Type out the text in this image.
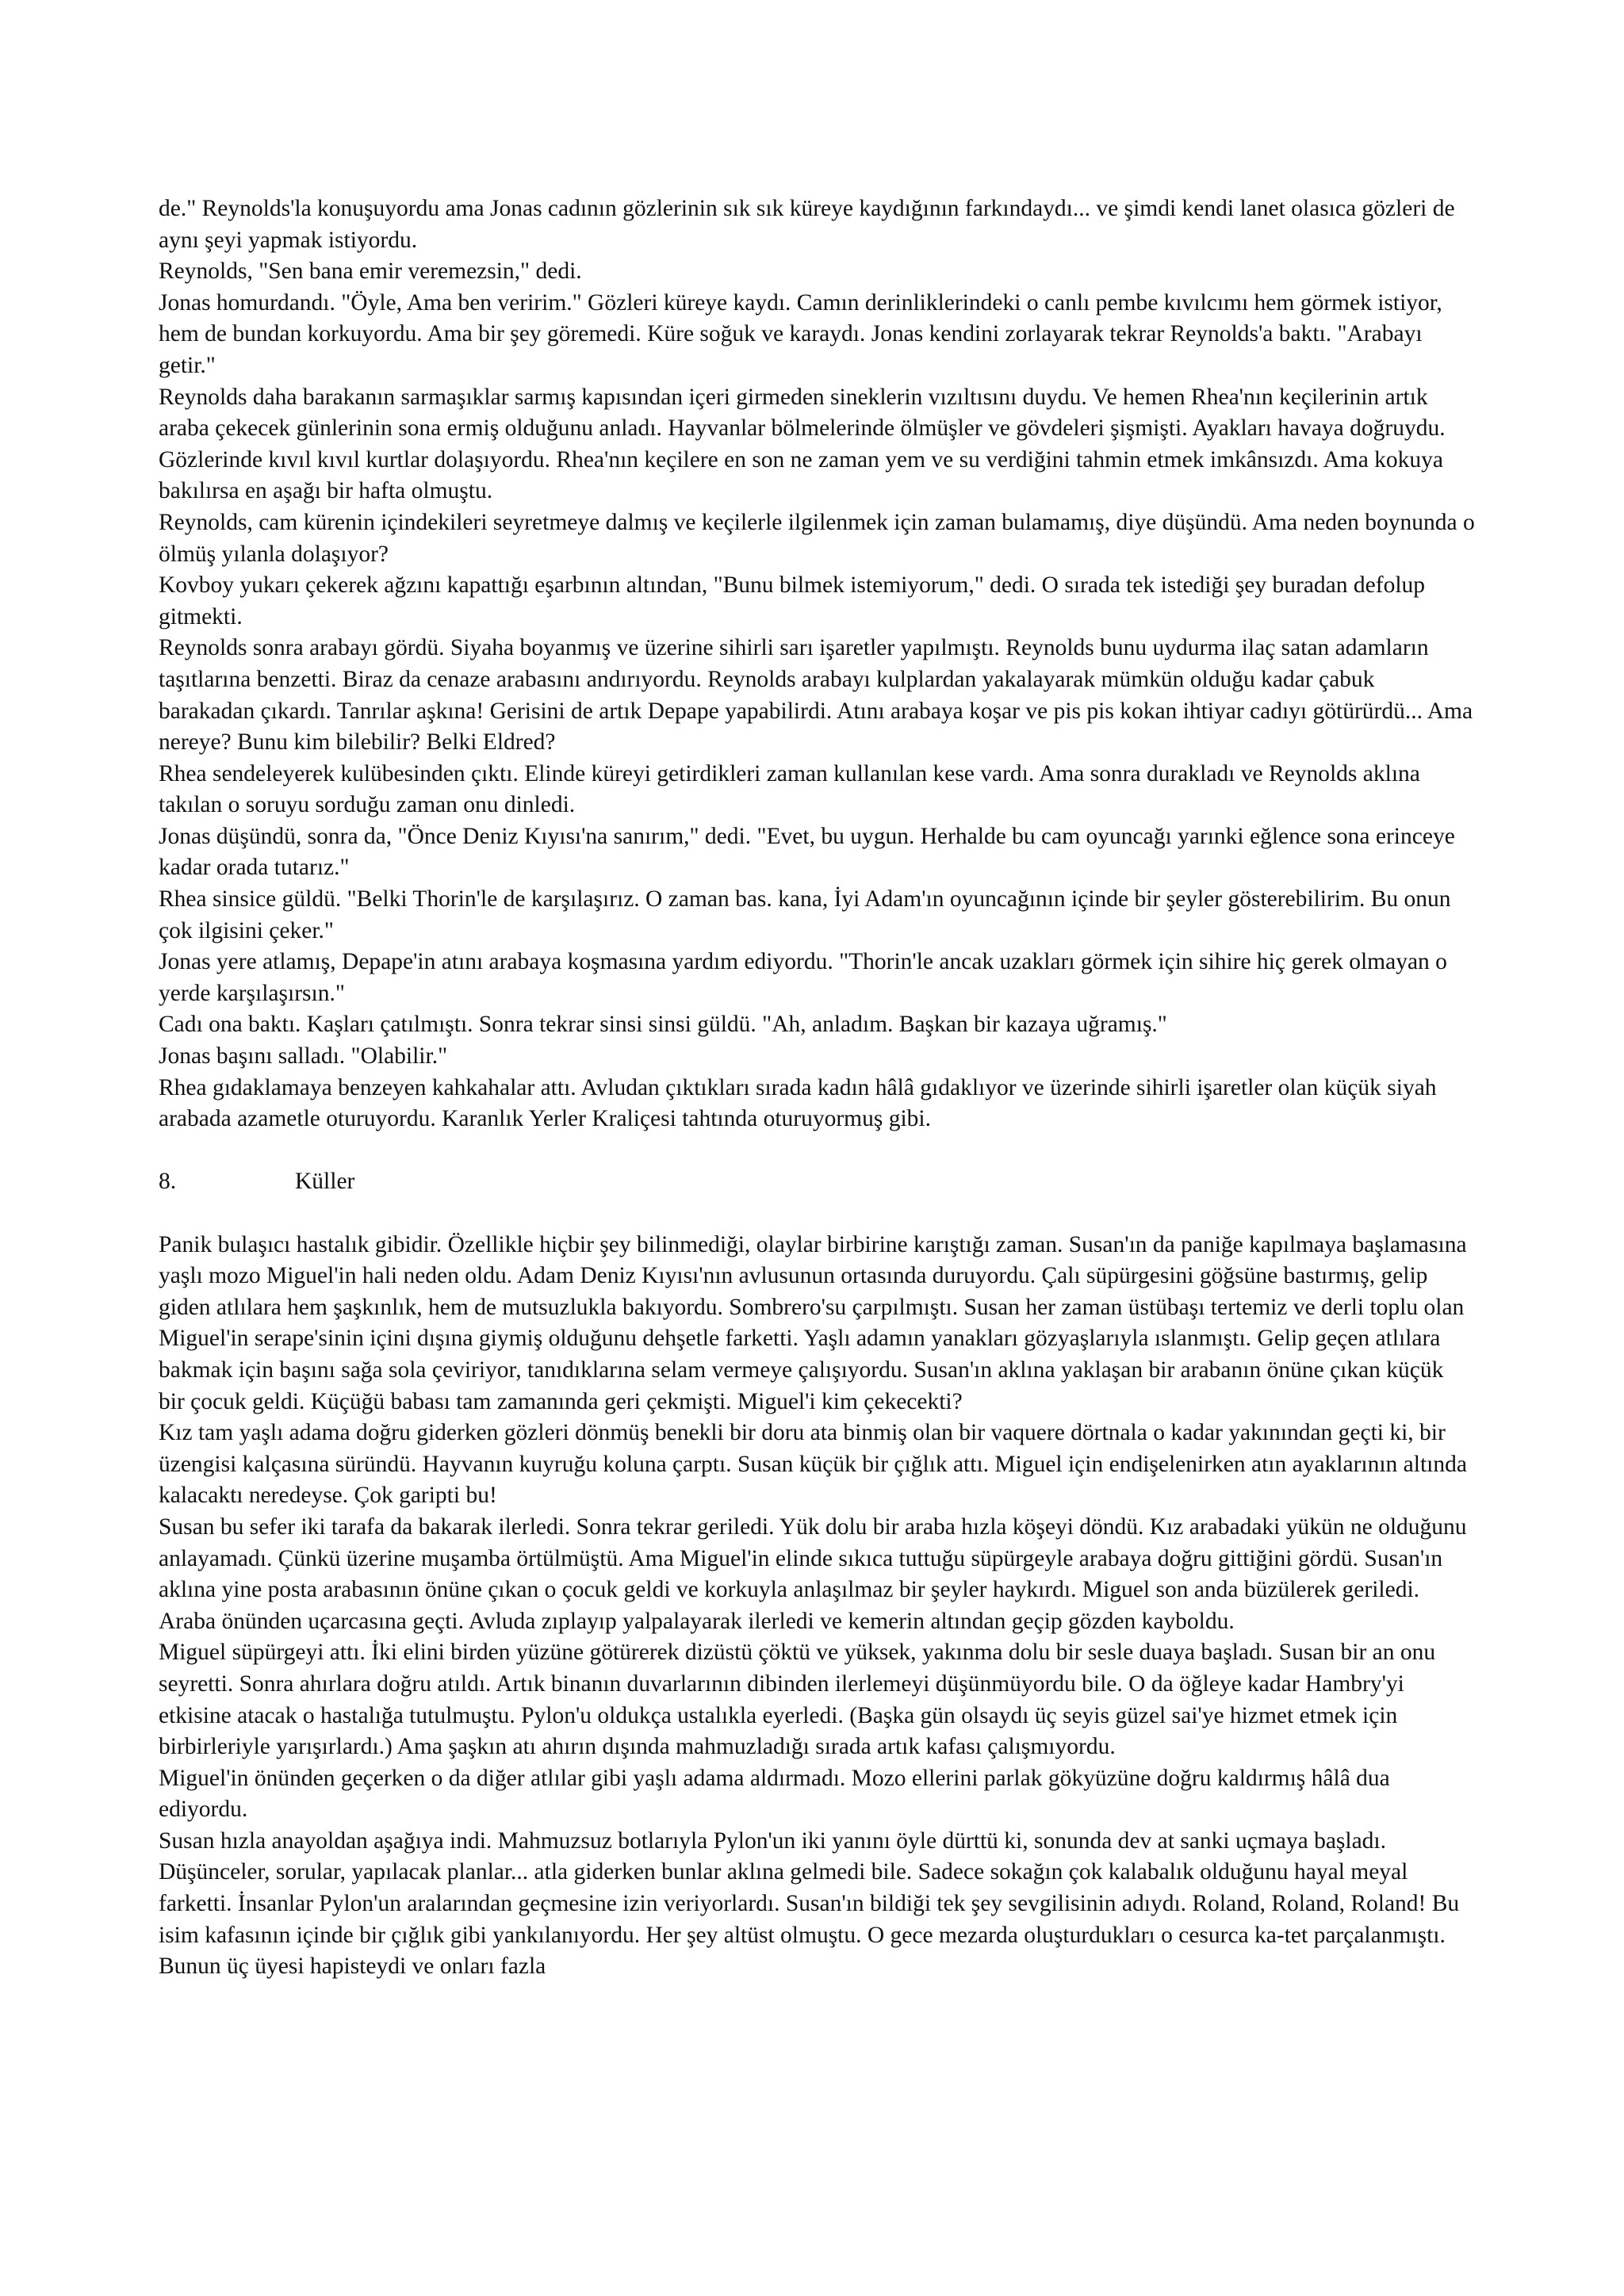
de." Reynolds'la konuşuyordu ama Jonas cadının gözlerinin sık sık küreye kaydığının farkındaydı... ve şimdi kendi lanet olasıca gözleri de aynı şeyi yapmak istiyordu.

Reynolds, "Sen bana emir veremezsin," dedi.

Jonas homurdandı. "Öyle, Ama ben veririm." Gözleri küreye kaydı. Camın derinliklerindeki o canlı pembe kıvılcımı hem görmek istiyor, hem de bundan korkuyordu. Ama bir şey göremedi. Küre soğuk ve karaydı. Jonas kendini zorlayarak tekrar Reynolds'a baktı. "Arabayı getir."

Reynolds daha barakanın sarmaşıklar sarmış kapısından içeri girmeden sineklerin vızıltısını duydu. Ve hemen Rhea'nın keçilerinin artık araba çekecek günlerinin sona ermiş olduğunu anladı. Hayvanlar bölmelerinde ölmüşler ve gövdeleri şişmişti. Ayakları havaya doğruydu. Gözlerinde kıvıl kıvıl kurtlar dolaşıyordu. Rhea'nın keçilere en son ne zaman yem ve su verdiğini tahmin etmek imkânsızdı. Ama kokuya bakılırsa en aşağı bir hafta olmuştu.

Reynolds, cam kürenin içindekileri seyretmeye dalmış ve keçilerle ilgilenmek için zaman bulamamış, diye düşündü. Ama neden boynunda o ölmüş yılanla dolaşıyor?

Kovboy yukarı çekerek ağzını kapattığı eşarbının altından, "Bunu bilmek istemiyorum," dedi. O sırada tek istediği şey buradan defolup gitmekti.

Reynolds sonra arabayı gördü. Siyaha boyanmış ve üzerine sihirli sarı işaretler yapılmıştı. Reynolds bunu uydurma ilaç satan adamların taşıtlarına benzetti. Biraz da cenaze arabasını andırıyordu. Reynolds arabayı kulplardan yakalayarak mümkün olduğu kadar çabuk barakadan çıkardı. Tanrılar aşkına! Gerisini de artık Depape yapabilirdi. Atını arabaya koşar ve pis pis kokan ihtiyar cadıyı götürürdü... Ama nereye? Bunu kim bilebilir? Belki Eldred?

Rhea sendeleyerek kulübesinden çıktı. Elinde küreyi getirdikleri zaman kullanılan kese vardı. Ama sonra durakladı ve Reynolds aklına takılan o soruyu sorduğu zaman onu dinledi.

Jonas düşündü, sonra da, "Önce Deniz Kıyısı'na sanırım," dedi. "Evet, bu uygun. Herhalde bu cam oyuncağı yarınki eğlence sona erinceye kadar orada tutarız."

Rhea sinsice güldü. "Belki Thorin'le de karşılaşırız. O zaman bas. kana, İyi Adam'ın oyuncağının içinde bir şeyler gösterebilirim. Bu onun çok ilgisini çeker."

Jonas yere atlamış, Depape'in atını arabaya koşmasına yardım ediyordu. "Thorin'le ancak uzakları görmek için sihire hiç gerek olmayan o yerde karşılaşırsın."

Cadı ona baktı. Kaşları çatılmıştı. Sonra tekrar sinsi sinsi güldü. "Ah, anladım. Başkan bir kazaya uğramış."

Jonas başını salladı. "Olabilir."

Rhea gıdaklamaya benzeyen kahkahalar attı. Avludan çıktıkları sırada kadın hâlâ gıdaklıyor ve üzerinde sihirli işaretler olan küçük siyah arabada azametle oturuyordu. Karanlık Yerler Kraliçesi tahtında oturuyormuş gibi.

8.	Küller

Panik bulaşıcı hastalık gibidir. Özellikle hiçbir şey bilinmediği, olaylar birbirine karıştığı zaman. Susan'ın da paniğe kapılmaya başlamasına yaşlı mozo Miguel'in hali neden oldu. Adam Deniz Kıyısı'nın avlusunun ortasında duruyordu. Çalı süpürgesini göğsüne bastırmış, gelip giden atlılara hem şaşkınlık, hem de mutsuzlukla bakıyordu. Sombrero'su çarpılmıştı. Susan her zaman üstübaşı tertemiz ve derli toplu olan Miguel'in serape'sinin içini dışına giymiş olduğunu dehşetle farketti. Yaşlı adamın yanakları gözyaşlarıyla ıslanmıştı. Gelip geçen atlılara bakmak için başını sağa sola çeviriyor, tanıdıklarına selam vermeye çalışıyordu. Susan'ın aklına yaklaşan bir arabanın önüne çıkan küçük bir çocuk geldi. Küçüğü babası tam zamanında geri çekmişti. Miguel'i kim çekecekti?

Kız tam yaşlı adama doğru giderken gözleri dönmüş benekli bir doru ata binmiş olan bir vaquere dörtnala o kadar yakınından geçti ki, bir üzengisi kalçasına süründü. Hayvanın kuyruğu koluna çarptı. Susan küçük bir çığlık attı. Miguel için endişelenirken atın ayaklarının altında kalacaktı neredeyse. Çok garipti bu!

Susan bu sefer iki tarafa da bakarak ilerledi. Sonra tekrar geriledi. Yük dolu bir araba hızla köşeyi döndü. Kız arabadaki yükün ne olduğunu anlayamadı. Çünkü üzerine muşamba örtülmüştü. Ama Miguel'in elinde sıkıca tuttuğu süpürgeyle arabaya doğru gittiğini gördü. Susan'ın aklına yine posta arabasının önüne çıkan o çocuk geldi ve korkuyla anlaşılmaz bir şeyler haykırdı. Miguel son anda büzülerek geriledi. Araba önünden uçarcasına geçti. Avluda zıplayıp yalpalayarak ilerledi ve kemerin altından geçip gözden kayboldu.

Miguel süpürgeyi attı. İki elini birden yüzüne götürerek dizüstü çöktü ve yüksek, yakınma dolu bir sesle duaya başladı. Susan bir an onu seyretti. Sonra ahırlara doğru atıldı. Artık binanın duvarlarının dibinden ilerlemeyi düşünmüyordu bile. O da öğleye kadar Hambry'yi etkisine atacak o hastalığa tutulmuştu. Pylon'u oldukça ustalıkla eyerledi. (Başka gün olsaydı üç seyis güzel sai'ye hizmet etmek için birbirleriyle yarışırlardı.) Ama şaşkın atı ahırın dışında mahmuzladığı sırada artık kafası çalışmıyordu.

Miguel'in önünden geçerken o da diğer atlılar gibi yaşlı adama aldırmadı. Mozo ellerini parlak gökyüzüne doğru kaldırmış hâlâ dua ediyordu.

Susan hızla anayoldan aşağıya indi. Mahmuzsuz botlarıyla Pylon'un iki yanını öyle dürttü ki, sonunda dev at sanki uçmaya başladı. Düşünceler, sorular, yapılacak planlar... atla giderken bunlar aklına gelmedi bile. Sadece sokağın çok kalabalık olduğunu hayal meyal farketti. İnsanlar Pylon'un aralarından geçmesine izin veriyorlardı. Susan'ın bildiği tek şey sevgilisinin adıydı. Roland, Roland, Roland! Bu isim kafasının içinde bir çığlık gibi yankılanıyordu. Her şey altüst olmuştu. O gece mezarda oluşturdukları o cesurca ka-tet parçalanmıştı. Bunun üç üyesi hapisteydi ve onları fazla
